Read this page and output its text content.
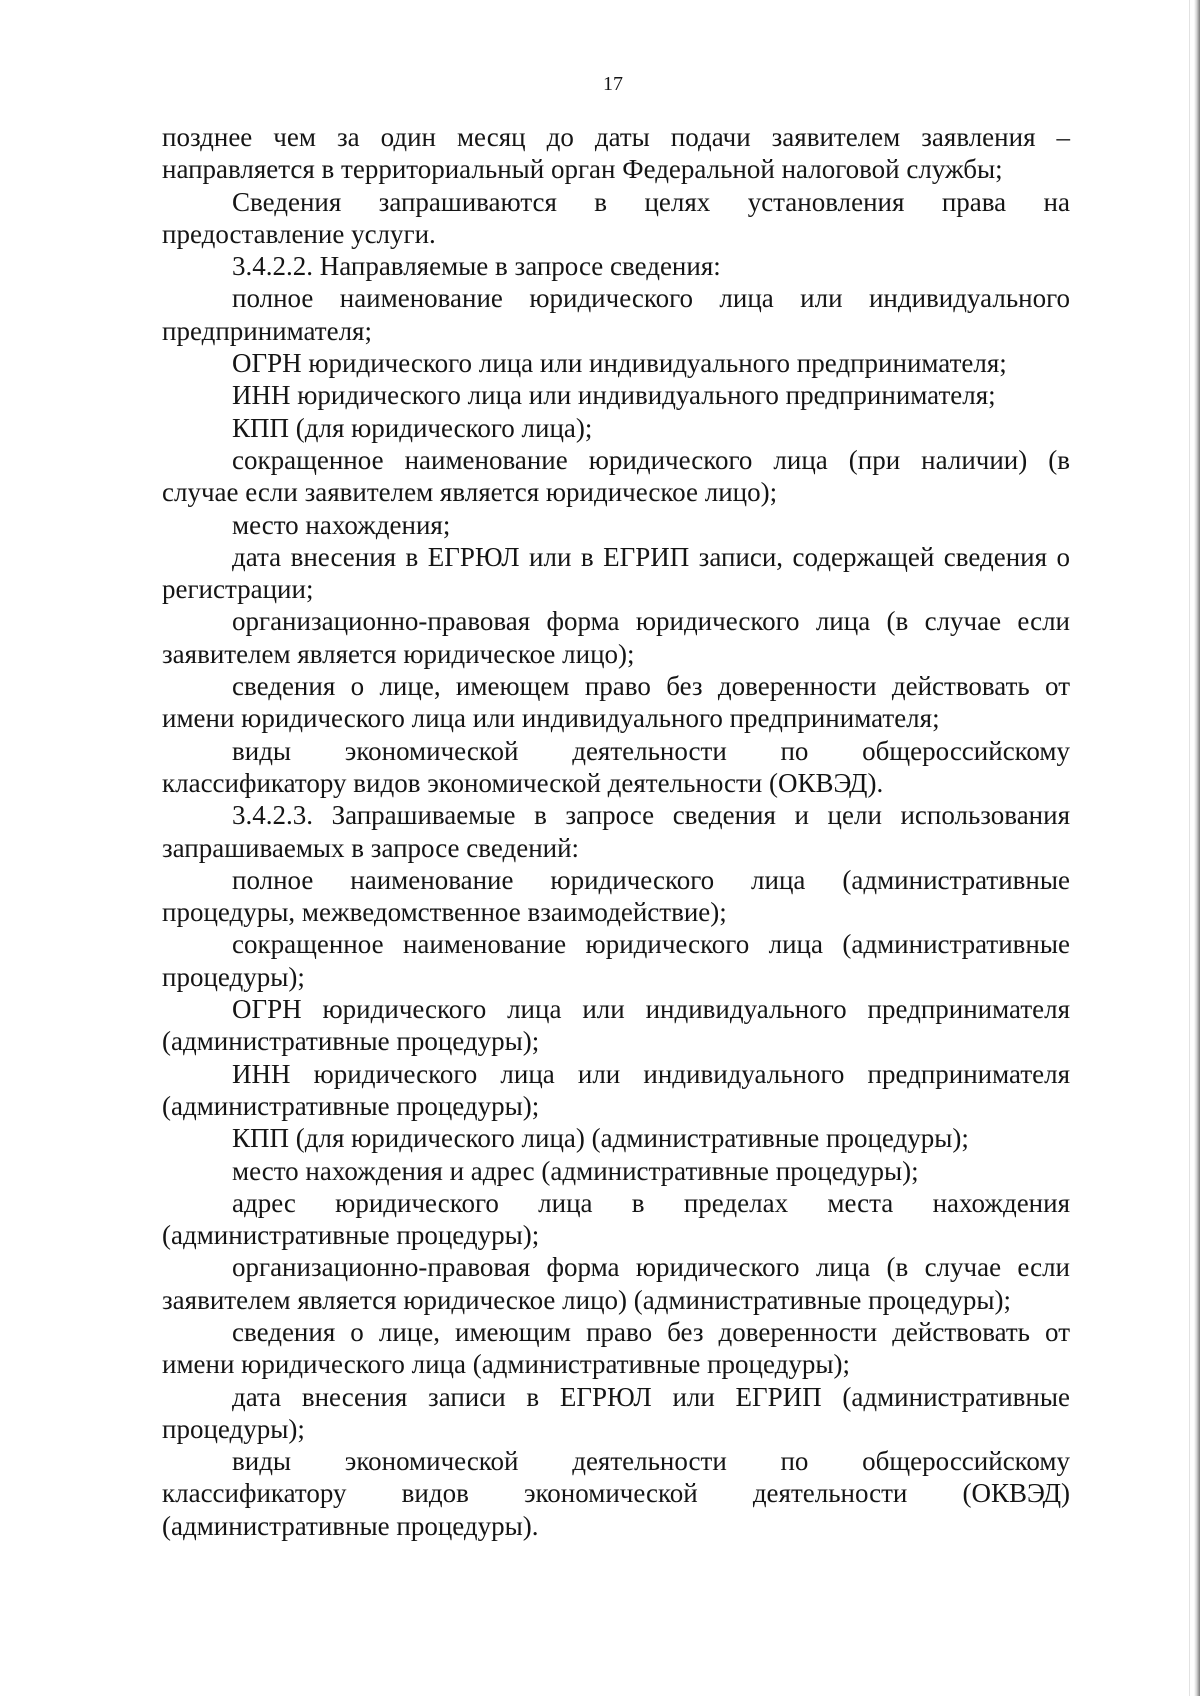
17
позднее чем за один месяц до даты подачи заявителем заявления –
направляется в территориальный орган Федеральной налоговой службы;
Сведения запрашиваются в целях установления права на
предоставление услуги.
3.4.2.2. Направляемые в запросе сведения:
полное наименование юридического лица или индивидуального
предпринимателя;
ОГРН юридического лица или индивидуального предпринимателя;
ИНН юридического лица или индивидуального предпринимателя;
КПП (для юридического лица);
сокращенное наименование юридического лица (при наличии) (в
случае если заявителем является юридическое лицо);
место нахождения;
дата внесения в ЕГРЮЛ или в ЕГРИП записи, содержащей сведения о
регистрации;
организационно-правовая форма юридического лица (в случае если
заявителем является юридическое лицо);
сведения о лице, имеющем право без доверенности действовать от
имени юридического лица или индивидуального предпринимателя;
виды экономической деятельности по общероссийскому
классификатору видов экономической деятельности (ОКВЭД).
3.4.2.3. Запрашиваемые в запросе сведения и цели использования
запрашиваемых в запросе сведений:
полное наименование юридического лица (административные
процедуры, межведомственное взаимодействие);
сокращенное наименование юридического лица (административные
процедуры);
ОГРН юридического лица или индивидуального предпринимателя
(административные процедуры);
ИНН юридического лица или индивидуального предпринимателя
(административные процедуры);
КПП (для юридического лица) (административные процедуры);
место нахождения и адрес (административные процедуры);
адрес юридического лица в пределах места нахождения
(административные процедуры);
организационно-правовая форма юридического лица (в случае если
заявителем является юридическое лицо) (административные процедуры);
сведения о лице, имеющим право без доверенности действовать от
имени юридического лица (административные процедуры);
дата внесения записи в ЕГРЮЛ или ЕГРИП (административные
процедуры);
виды экономической деятельности по общероссийскому
классификатору видов экономической деятельности (ОКВЭД)
(административные процедуры).
